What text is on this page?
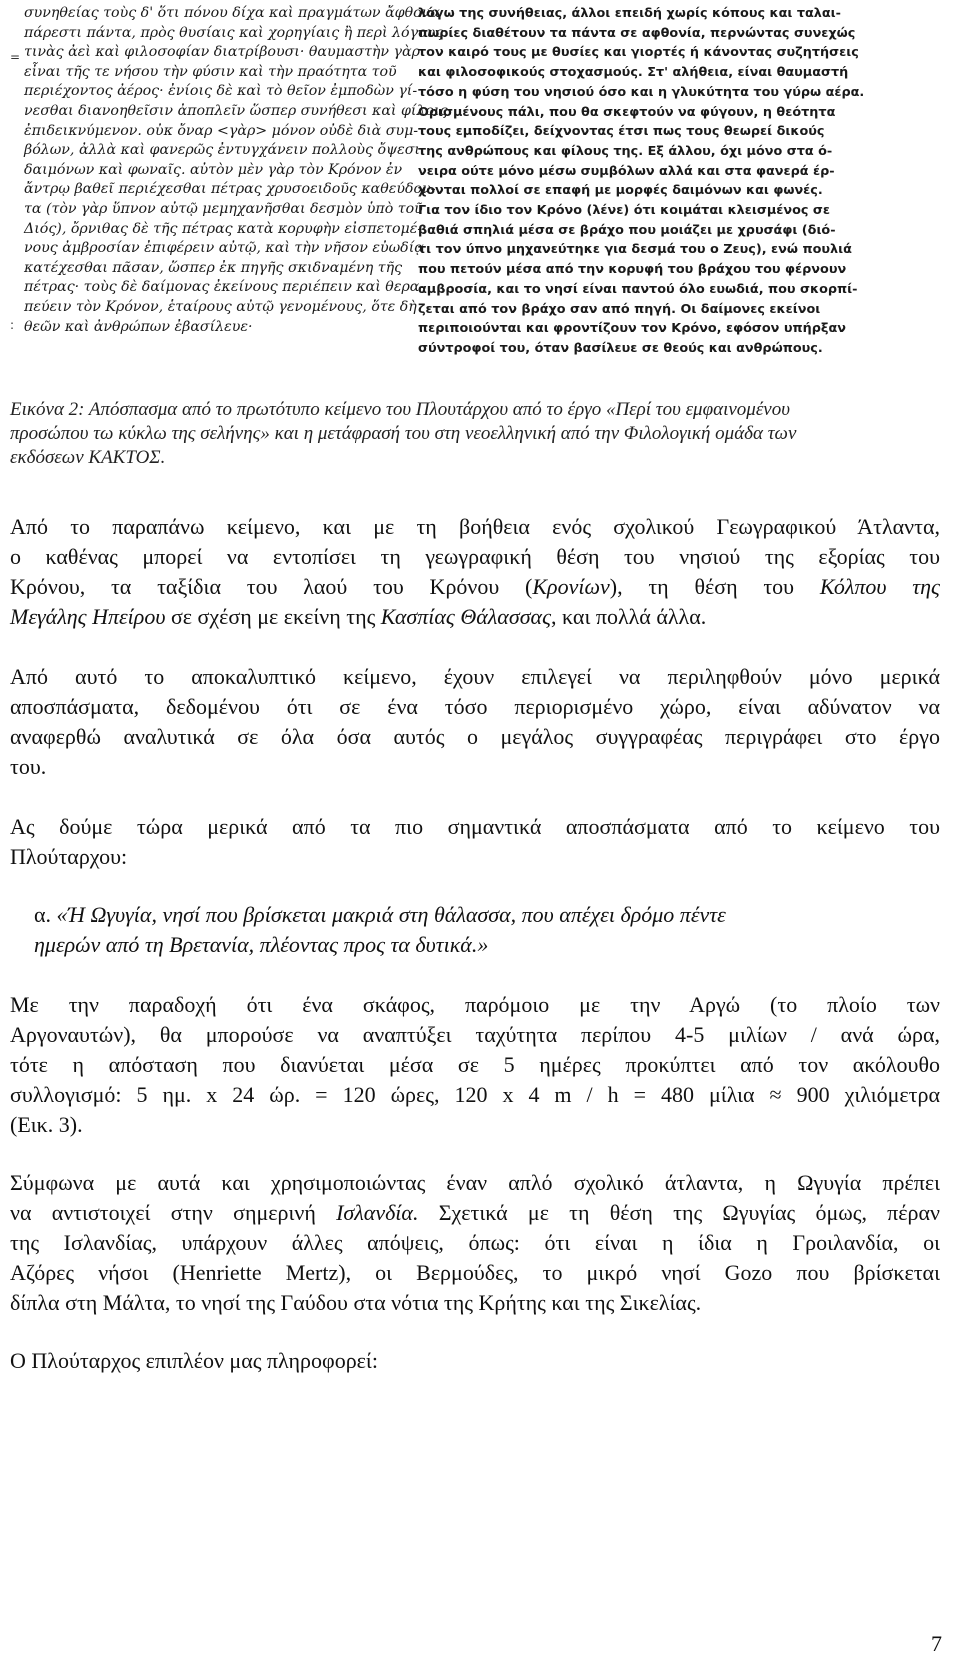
=
:
συνηθείας τοὺς δ' ὅτι πόνου δίχα καὶ πραγμάτων ἄφθονα
πάρεστι πάντα, πρὸς θυσίαις καὶ χορηγίαις ἢ περὶ λόγους
τινὰς ἀεὶ καὶ φιλοσοφίαν διατρίβουσι· θαυμαστὴν γὰρ
εἶναι τῆς τε νήσου τὴν φύσιν καὶ τὴν πραότητα τοῦ
περιέχοντος ἀέρος· ἐνίοις δὲ καὶ τὸ θεῖον ἐμποδὼν γί-
νεσθαι διανοηθεῖσιν ἀποπλεῖν ὥσπερ συνήθεσι καὶ φίλοις
ἐπιδεικνύμενον. οὐκ ὄναρ <γὰρ> μόνον οὐδὲ διὰ συμ-
βόλων, ἀλλὰ καὶ φανερῶς ἐντυγχάνειν πολλοὺς ὄψεσι
δαιμόνων καὶ φωναῖς. αὐτὸν μὲν γὰρ τὸν Κρόνον ἐν
ἄντρῳ βαθεῖ περιέχεσθαι πέτρας χρυσοειδοῦς καθεύδον-
τα (τὸν γὰρ ὕπνον αὐτῷ μεμηχανῆσθαι δεσμὸν ὑπὸ τοῦ
Διός), ὄρνιθας δὲ τῆς πέτρας κατὰ κορυφὴν εἰσπετομέ-
νους ἀμβροσίαν ἐπιφέρειν αὐτῷ, καὶ τὴν νῆσον εὐωδίᾳ
κατέχεσθαι πᾶσαν, ὥσπερ ἐκ πηγῆς σκιδναμένη τῆς
πέτρας· τοὺς δὲ δαίμονας ἐκείνους περιέπειν καὶ θερα-
πεύειν τὸν Κρόνον, ἑταίρους αὐτῷ γενομένους, ὅτε δὴ
θεῶν καὶ ἀνθρώπων ἐβασίλευε·
λόγω της συνήθειας, άλλοι επειδή χωρίς κόπους και ταλαι-
πωρίες διαθέτουν τα πάντα σε αφθονία, περνώντας συνεχώς
τον καιρό τους με θυσίες και γιορτές ή κάνοντας συζητήσεις
και φιλοσοφικούς στοχασμούς. Στ' αλήθεια, είναι θαυμαστή
τόσο η φύση του νησιού όσο και η γλυκύτητα του γύρω αέρα.
Ορισμένους πάλι, που θα σκεφτούν να φύγουν, η θεότητα
τους εμποδίζει, δείχνοντας έτσι πως τους θεωρεί δικούς
της ανθρώπους και φίλους της. Εξ άλλου, όχι μόνο στα ό-
νειρα ούτε μόνο μέσω συμβόλων αλλά και στα φανερά έρ-
χονται πολλοί σε επαφή με μορφές δαιμόνων και φωνές.
Για τον ίδιο τον Κρόνο (λένε) ότι κοιμάται κλεισμένος σε
βαθιά σπηλιά μέσα σε βράχο που μοιάζει με χρυσάφι (διό-
τι τον ύπνο μηχανεύτηκε για δεσμά του ο Ζευς), ενώ πουλιά
που πετούν μέσα από την κορυφή του βράχου του φέρνουν
αμβροσία, και το νησί είναι παντού όλο ευωδιά, που σκορπί-
ζεται από τον βράχο σαν από πηγή. Οι δαίμονες εκείνοι
περιποιούνται και φροντίζουν τον Κρόνο, εφόσον υπήρξαν
σύντροφοί του, όταν βασίλευε σε θεούς και ανθρώπους.
Εικόνα 2: Απόσπασμα από το πρωτότυπο κείμενο του Πλουτάρχου από το έργο «Περί του εμφαινομένου
προσώπου τω κύκλω της σελήνης» και η μετάφρασή του στη νεοελληνική από την Φιλολογική ομάδα των
εκδόσεων ΚΑΚΤΟΣ.
Από το παραπάνω κείμενο, και με τη βοήθεια ενός σχολικού Γεωγραφικού Άτλαντα,
ο καθένας μπορεί να εντοπίσει τη γεωγραφική θέση του νησιού της εξορίας του
Κρόνου, τα ταξίδια του λαού του Κρόνου (Κρονίων), τη θέση του Κόλπου της
Μεγάλης Ηπείρου σε σχέση με εκείνη της Κασπίας Θάλασσας, και πολλά άλλα.
Από αυτό το αποκαλυπτικό κείμενο, έχουν επιλεγεί να περιληφθούν μόνο μερικά
αποσπάσματα, δεδομένου ότι σε ένα τόσο περιορισμένο χώρο, είναι αδύνατον να
αναφερθώ αναλυτικά σε όλα όσα αυτός ο μεγάλος συγγραφέας περιγράφει στο έργο
του.
Ας δούμε τώρα μερικά από τα πιο σημαντικά αποσπάσματα από το κείμενο του
Πλούταρχου:
α. «Ή Ωγυγία, νησί που βρίσκεται μακριά στη θάλασσα, που απέχει δρόμο πέντε
ημερών από τη Βρετανία, πλέοντας προς τα δυτικά.»
Με την παραδοχή ότι ένα σκάφος, παρόμοιο με την Αργώ (το πλοίο των
Αργοναυτών), θα μπορούσε να αναπτύξει ταχύτητα περίπου 4-5 μιλίων / ανά ώρα,
τότε η απόσταση που διανύεται μέσα σε 5 ημέρες προκύπτει από τον ακόλουθο
συλλογισμό: 5 ημ. x 24 ώρ. = 120 ώρες, 120 x 4 m / h = 480 μίλια ≈ 900 χιλιόμετρα
(Εικ. 3).
Σύμφωνα με αυτά και χρησιμοποιώντας έναν απλό σχολικό άτλαντα, η Ωγυγία πρέπει
να αντιστοιχεί στην σημερινή Ισλανδία. Σχετικά με τη θέση της Ωγυγίας όμως, πέραν
της Ισλανδίας, υπάρχουν άλλες απόψεις, όπως: ότι είναι η ίδια η Γροιλανδία, οι
Αζόρες νήσοι (Henriette Mertz), οι Βερμούδες, το μικρό νησί Gozo που βρίσκεται
δίπλα στη Μάλτα, το νησί της Γαύδου στα νότια της Κρήτης και της Σικελίας.
Ο Πλούταρχος επιπλέον μας πληροφορεί:
7
